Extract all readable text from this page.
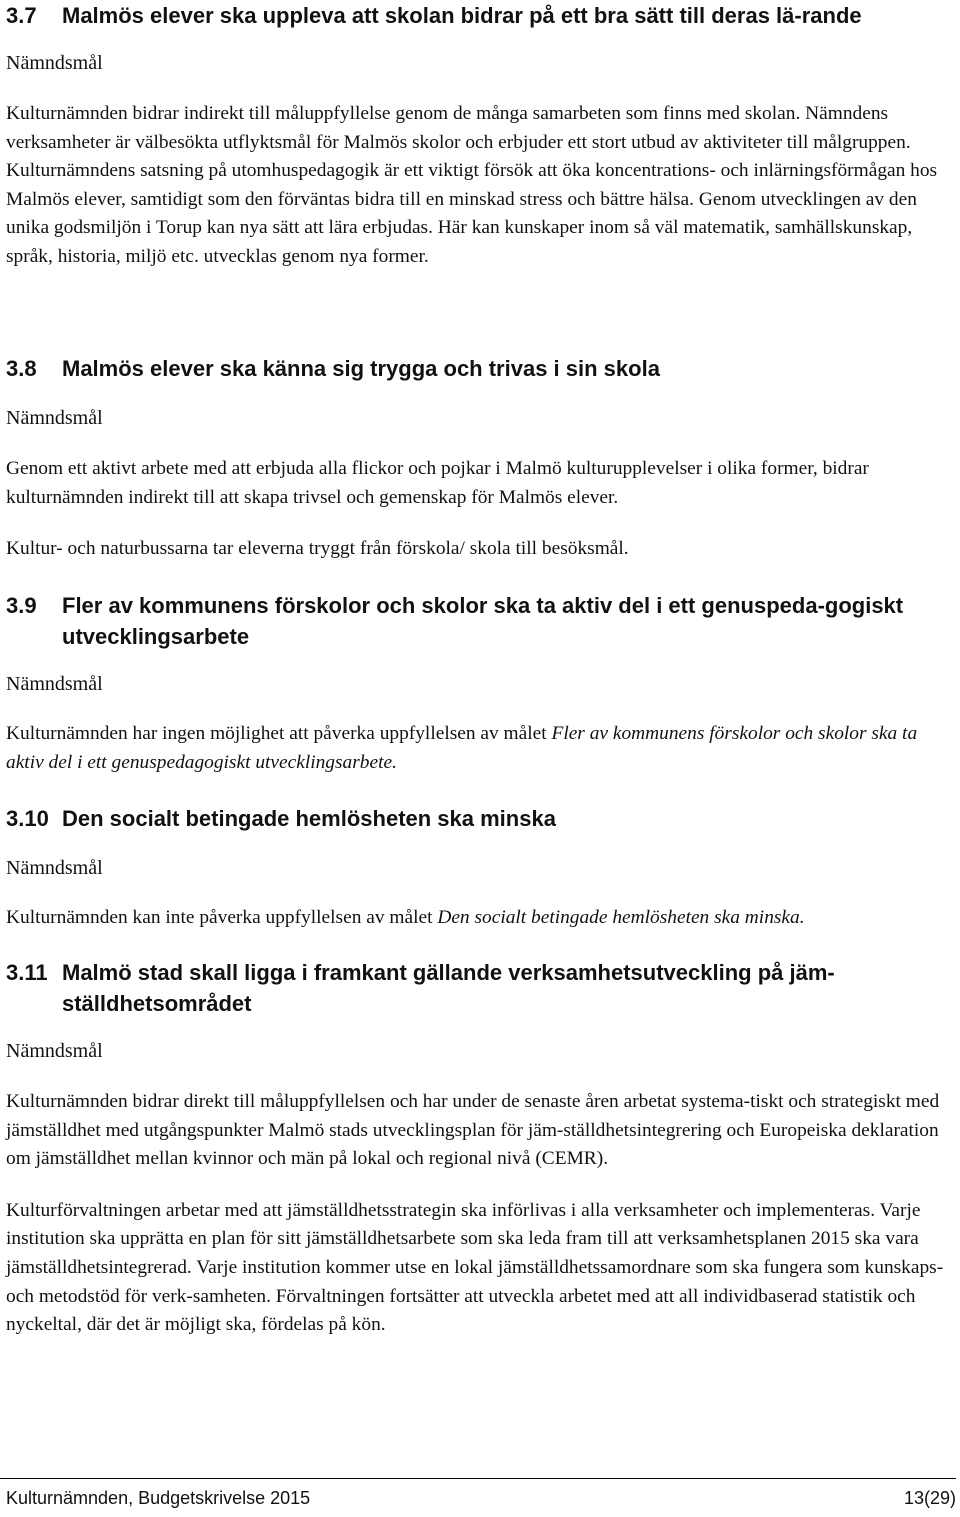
3.7 Malmös elever ska uppleva att skolan bidrar på ett bra sätt till deras lä-rande
Nämndsmål

Kulturnämnden bidrar indirekt till måluppfyllelse genom de många samarbeten som finns med skolan. Nämndens verksamheter är välbesökta utflyktsmål för Malmös skolor och erbjuder ett stort utbud av aktiviteter till målgruppen. Kulturnämndens satsning på utomhuspedagogik är ett viktigt försök att öka koncentrations- och inlärningsförmågan hos Malmös elever, samtidigt som den förväntas bidra till en minskad stress och bättre hälsa. Genom utvecklingen av den unika godsmiljön i Torup kan nya sätt att lära erbjudas. Här kan kunskaper inom så väl matematik, samhällskunskap, språk, historia, miljö etc. utvecklas genom nya former.

3.8 Malmös elever ska känna sig trygga och trivas i sin skola
Nämndsmål

Genom ett aktivt arbete med att erbjuda alla flickor och pojkar i Malmö kulturupplevelser i olika former, bidrar kulturnämnden indirekt till att skapa trivsel och gemenskap för Malmös elever.

Kultur- och naturbussarna tar eleverna tryggt från förskola/ skola till besöksmål.

3.9 Fler av kommunens förskolor och skolor ska ta aktiv del i ett genuspeda-gogiskt utvecklingsarbete
Nämndsmål

Kulturnämnden har ingen möjlighet att påverka uppfyllelsen av målet Fler av kommunens förskolor och skolor ska ta aktiv del i ett genuspedagogiskt utvecklingsarbete.

3.10 Den socialt betingade hemlösheten ska minska
Nämndsmål

Kulturnämnden kan inte påverka uppfyllelsen av målet Den socialt betingade hemlösheten ska minska.

3.11 Malmö stad skall ligga i framkant gällande verksamhetsutveckling på jäm-ställdhetsområdet
Nämndsmål

Kulturnämnden bidrar direkt till måluppfyllelsen och har under de senaste åren arbetat systema-tiskt och strategiskt med jämställdhet med utgångspunkter Malmö stads utvecklingsplan för jäm-ställdhetsintegrering och Europeiska deklaration om jämställdhet mellan kvinnor och män på lokal och regional nivå (CEMR).

Kulturförvaltningen arbetar med att jämställdhetsstrategin ska införlivas i alla verksamheter och implementeras. Varje institution ska upprätta en plan för sitt jämställdhetsarbete som ska leda fram till att verksamhetsplanen 2015 ska vara jämställdhetsintegrerad. Varje institution kommer utse en lokal jämställdhetssamordnare som ska fungera som kunskaps-och metodstöd för verk-samheten. Förvaltningen fortsätter att utveckla arbetet med att all individbaserad statistik och nyckeltal, där det är möjligt ska, fördelas på kön.

Kulturnämnden, Budgetskrivelse 2015	13(29)
